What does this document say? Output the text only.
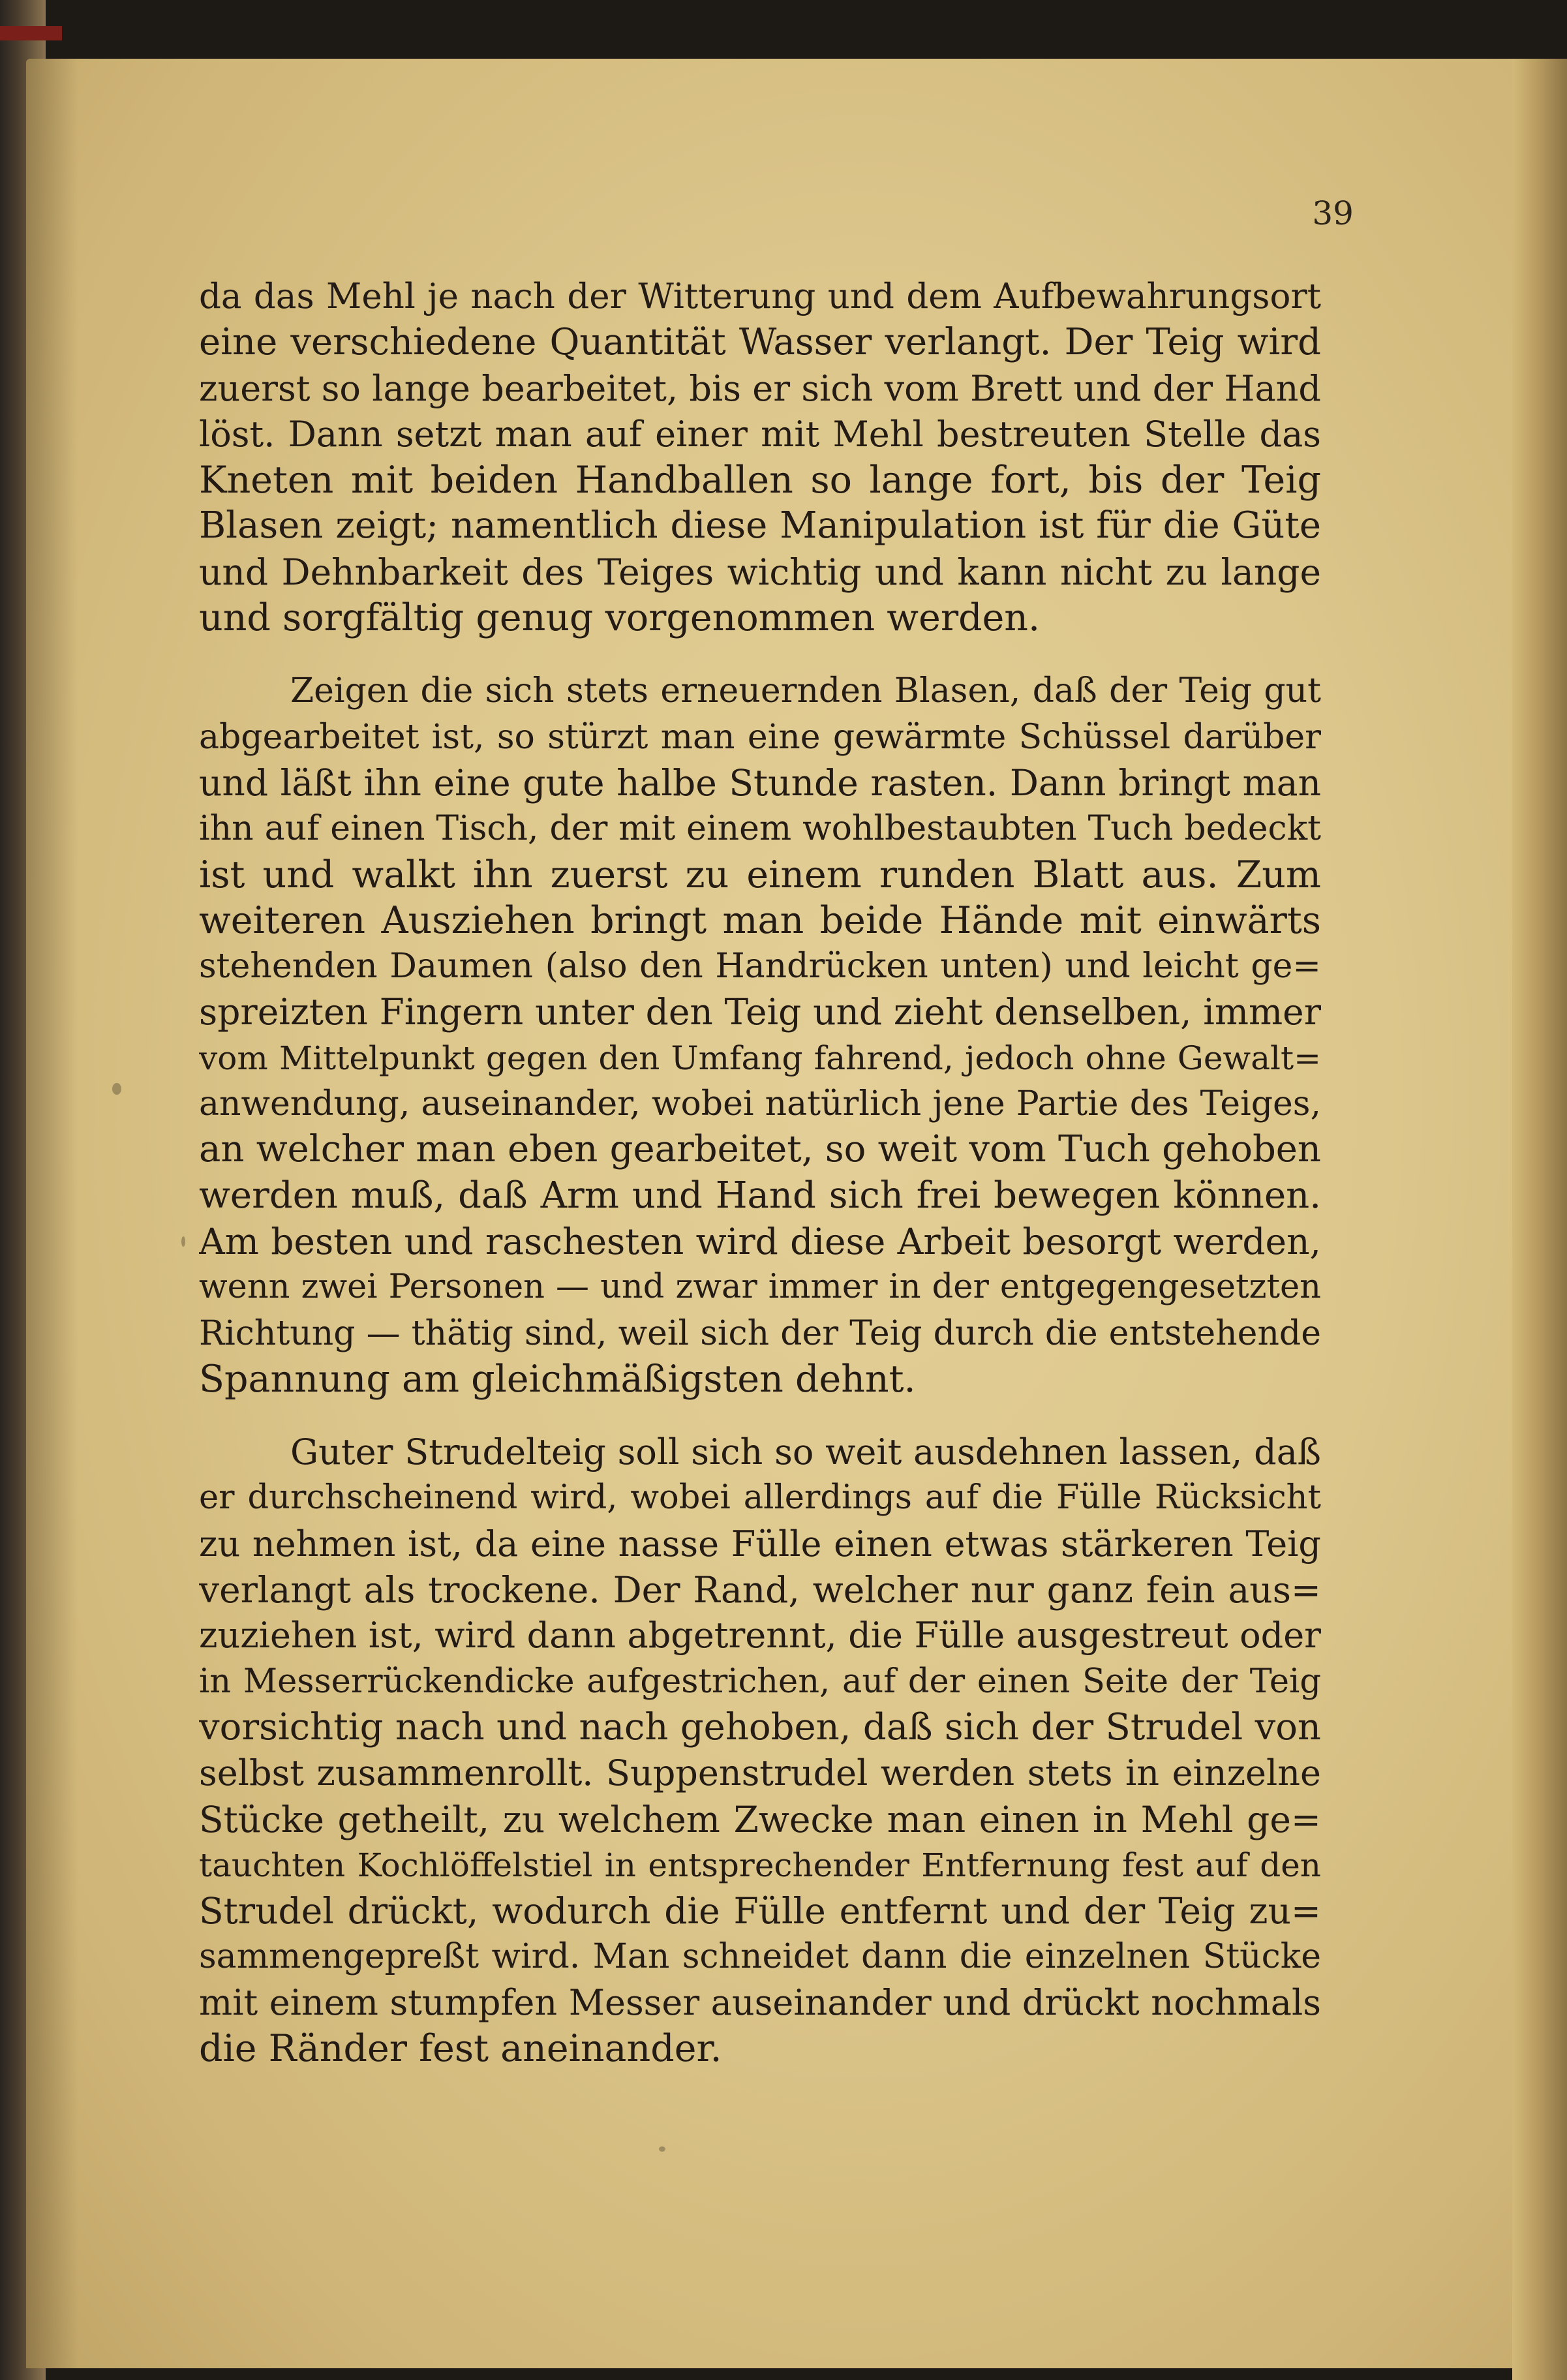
39
da das Mehl je nach der Witterung und dem Aufbewahrungsort
eine verschiedene Quantität Wasser verlangt. Der Teig wird
zuerst so lange bearbeitet, bis er sich vom Brett und der Hand
löst. Dann setzt man auf einer mit Mehl bestreuten Stelle das
Kneten mit beiden Handballen so lange fort, bis der Teig
Blasen zeigt; namentlich diese Manipulation ist für die Güte
und Dehnbarkeit des Teiges wichtig und kann nicht zu lange
und sorgfältig genug vorgenommen werden.
Zeigen die sich stets erneuernden Blasen, daß der Teig gut
abgearbeitet ist, so stürzt man eine gewärmte Schüssel darüber
und läßt ihn eine gute halbe Stunde rasten. Dann bringt man
ihn auf einen Tisch, der mit einem wohlbestaubten Tuch bedeckt
ist und walkt ihn zuerst zu einem runden Blatt aus. Zum
weiteren Ausziehen bringt man beide Hände mit einwärts
stehenden Daumen (also den Handrücken unten) und leicht ge=
spreizten Fingern unter den Teig und zieht denselben, immer
vom Mittelpunkt gegen den Umfang fahrend, jedoch ohne Gewalt=
anwendung, auseinander, wobei natürlich jene Partie des Teiges,
an welcher man eben gearbeitet, so weit vom Tuch gehoben
werden muß, daß Arm und Hand sich frei bewegen können.
Am besten und raschesten wird diese Arbeit besorgt werden,
wenn zwei Personen — und zwar immer in der entgegengesetzten
Richtung — thätig sind, weil sich der Teig durch die entstehende
Spannung am gleichmäßigsten dehnt.
Guter Strudelteig soll sich so weit ausdehnen lassen, daß
er durchscheinend wird, wobei allerdings auf die Fülle Rücksicht
zu nehmen ist, da eine nasse Fülle einen etwas stärkeren Teig
verlangt als trockene. Der Rand, welcher nur ganz fein aus=
zuziehen ist, wird dann abgetrennt, die Fülle ausgestreut oder
in Messerrückendicke aufgestrichen, auf der einen Seite der Teig
vorsichtig nach und nach gehoben, daß sich der Strudel von
selbst zusammenrollt. Suppenstrudel werden stets in einzelne
Stücke getheilt, zu welchem Zwecke man einen in Mehl ge=
tauchten Kochlöffelstiel in entsprechender Entfernung fest auf den
Strudel drückt, wodurch die Fülle entfernt und der Teig zu=
sammengepreßt wird. Man schneidet dann die einzelnen Stücke
mit einem stumpfen Messer auseinander und drückt nochmals
die Ränder fest aneinander.
